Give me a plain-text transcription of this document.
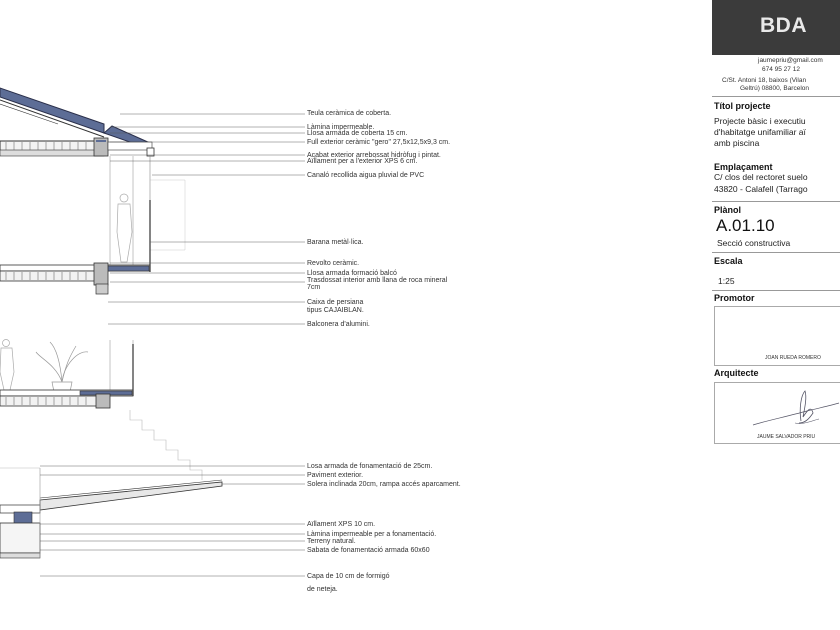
Teula ceràmica de coberta.
Làmina impermeable.
Llosa armada de coberta 15 cm.
Full exterior ceràmic "gero" 27,5x12,5x9,3 cm.
Acabat exterior arrebossat hidròfug i pintat.
Aïllament per a l'exterior XPS 6 cm.
Canaló recollida aigua pluvial de PVC
Barana metàl·lica.
Revolto ceràmic.
Llosa armada formació balcó
Trasdossat interior amb llana de roca mineral
7cm
Caixa de persiana
tipus CAJAIBLAN.
Balconera d'alumini.
Losa armada de fonamentació de 25cm.
Paviment exterior.
Solera inclinada 20cm, rampa accés aparcament.
Aïllament XPS 10 cm.
Làmina impermeable per a fonamentació.
Terreny natural.
Sabata de fonamentació armada 60x60
Capa de 10 cm de formigó
de neteja.
BDA
jaumepriu@gmail.com
674 95 27 12
C/St. Antoni 18, baixos (Vilan
Geltrú) 08800, Barcelon
Títol projecte
Projecte bàsic i executiu
d'habitatge unifamiliar aï
amb piscina
Emplaçament
C/ clos del rectoret suelo
43820 - Calafell (Tarrago
Plànol
A.01.10
Secció constructiva
Escala
1:25
Promotor
JOAN RUEDA ROMERO
Arquitecte
JAUME SALVADOR PRIU
